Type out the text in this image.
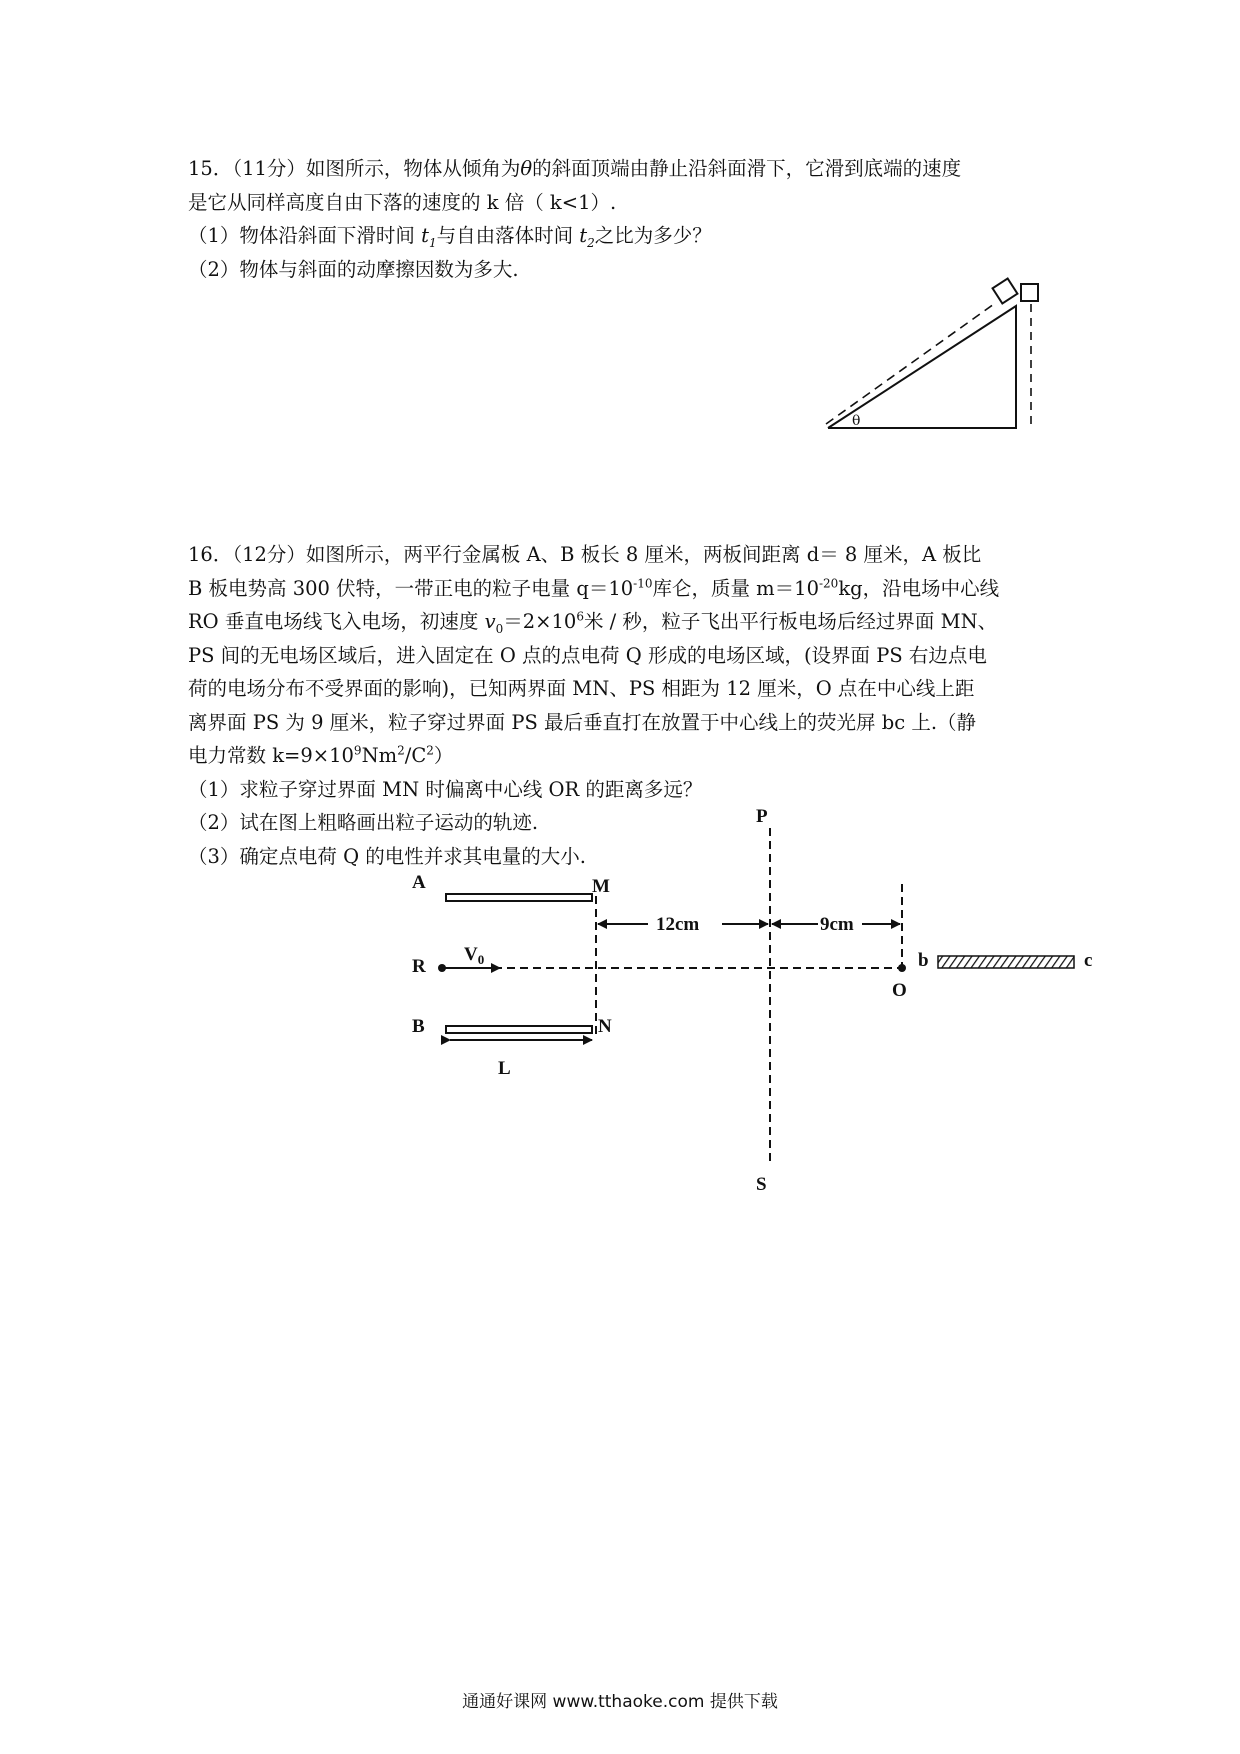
15．（11分）如图所示，物体从倾角为θ的斜面顶端由静止沿斜面滑下，它滑到底端的速度
是它从同样高度自由下落的速度的 k 倍（ k<1）.
（1）物体沿斜面下滑时间 $t_1$与自由落体时间 $t_2$之比为多少？
（2）物体与斜面的动摩擦因数为多大.
θ
16．（12分）如图所示，两平行金属板 A、B 板长 8 厘米，两板间距离 d＝ 8 厘米，A 板比
B 板电势高 300 伏特，一带正电的粒子电量 $q=10^{-10}$库仑，质量 $m=10^{-20}kg$，沿电场中心线
RO 垂直电场线飞入电场，初速度 $v_0=2\times 10^6$米 / 秒，粒子飞出平行板电场后经过界面 MN、
PS 间的无电场区域后，进入固定在 O 点的点电荷 Q 形成的电场区域，(设界面 PS 右边点电
荷的电场分布不受界面的影响)，已知两界面 MN、PS 相距为 12 厘米，O 点在中心线上距
离界面 PS 为 9 厘米，粒子穿过界面 PS 最后垂直打在放置于中心线上的荧光屏 bc 上.（静
电力常数 $k=9\times 10^9Nm^2/C^2$）
（1）求粒子穿过界面 MN 时偏离中心线 OR 的距离多远？
（2）试在图上粗略画出粒子运动的轨迹.
（3）确定点电荷 Q 的电性并求其电量的大小.
A	M
R
$V_0$
B	N
L
P
S
12cm	9cm
O
b	c
通通好课网 www.tthaoke.com 提供下载
